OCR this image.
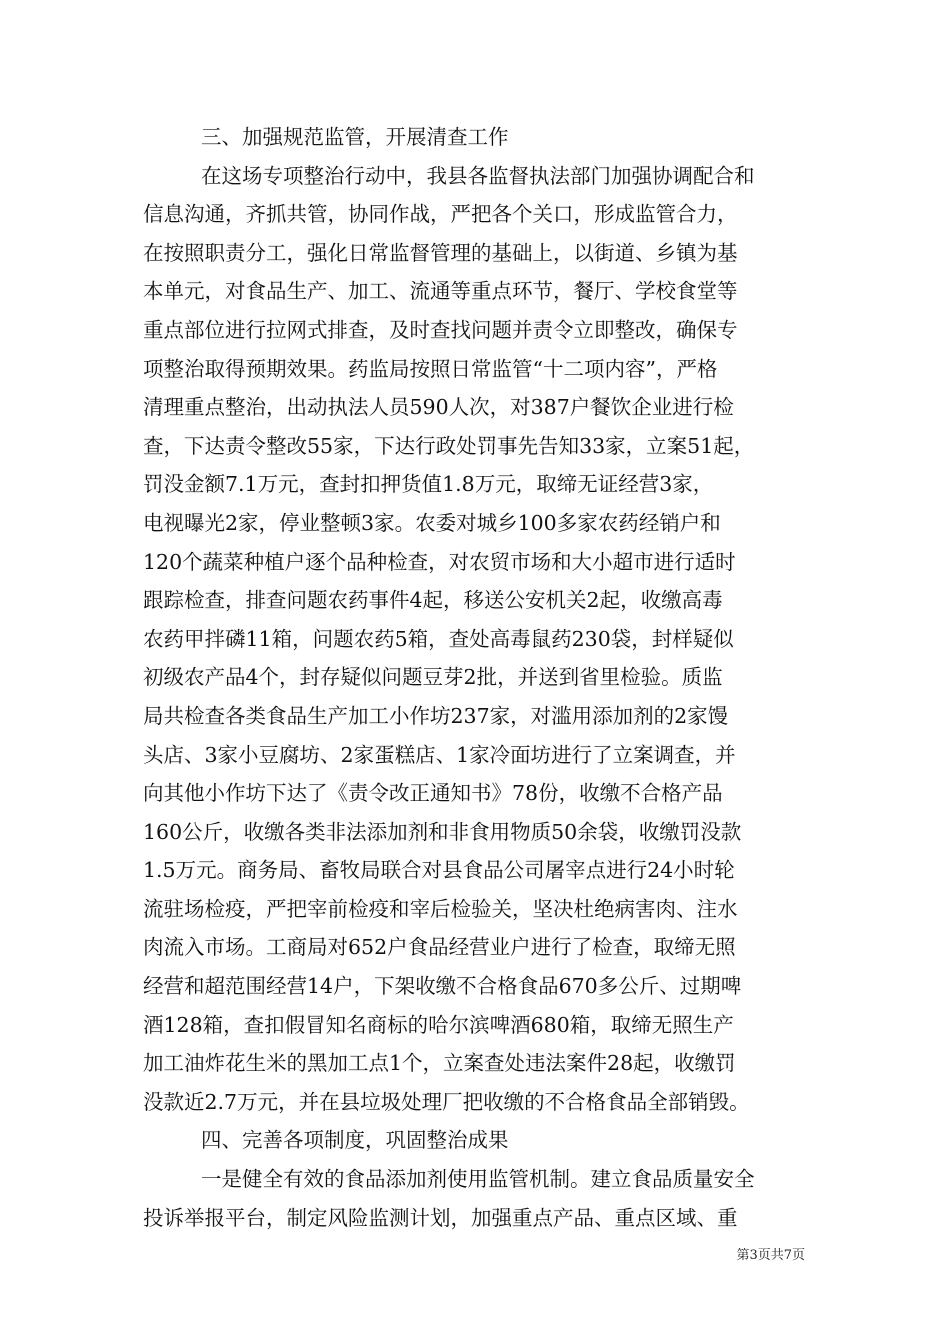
三、加强规范监管，开展清查工作
在这场专项整治行动中，我县各监督执法部门加强协调配合和
信息沟通，齐抓共管，协同作战，严把各个关口，形成监管合力，
在按照职责分工，强化日常监督管理的基础上，以街道、乡镇为基
本单元，对食品生产、加工、流通等重点环节，餐厅、学校食堂等
重点部位进行拉网式排查，及时查找问题并责令立即整改，确保专
项整治取得预期效果。药监局按照日常监管“十二项内容”，严格
清理重点整治，出动执法人员590人次，对387户餐饮企业进行检
查，下达责令整改55家，下达行政处罚事先告知33家，立案51起，
罚没金额7.1万元，查封扣押货值1.8万元，取缔无证经营3家，
电视曝光2家，停业整顿3家。农委对城乡100多家农药经销户和
120个蔬菜种植户逐个品种检查，对农贸市场和大小超市进行适时
跟踪检查，排查问题农药事件4起，移送公安机关2起，收缴高毒
农药甲拌磷11箱，问题农药5箱，查处高毒鼠药230袋，封样疑似
初级农产品4个，封存疑似问题豆芽2批，并送到省里检验。质监
局共检查各类食品生产加工小作坊237家，对滥用添加剂的2家馒
头店、3家小豆腐坊、2家蛋糕店、1家冷面坊进行了立案调查，并
向其他小作坊下达了《责令改正通知书》78份，收缴不合格产品
160公斤，收缴各类非法添加剂和非食用物质50余袋，收缴罚没款
1.5万元。商务局、畜牧局联合对县食品公司屠宰点进行24小时轮
流驻场检疫，严把宰前检疫和宰后检验关，坚决杜绝病害肉、注水
肉流入市场。工商局对652户食品经营业户进行了检查，取缔无照
经营和超范围经营14户，下架收缴不合格食品670多公斤、过期啤
酒128箱，查扣假冒知名商标的哈尔滨啤酒680箱，取缔无照生产
加工油炸花生米的黑加工点1个，立案查处违法案件28起，收缴罚
没款近2.7万元，并在县垃圾处理厂把收缴的不合格食品全部销毁。
四、完善各项制度，巩固整治成果
一是健全有效的食品添加剂使用监管机制。建立食品质量安全
投诉举报平台，制定风险监测计划，加强重点产品、重点区域、重
第3页共7页
